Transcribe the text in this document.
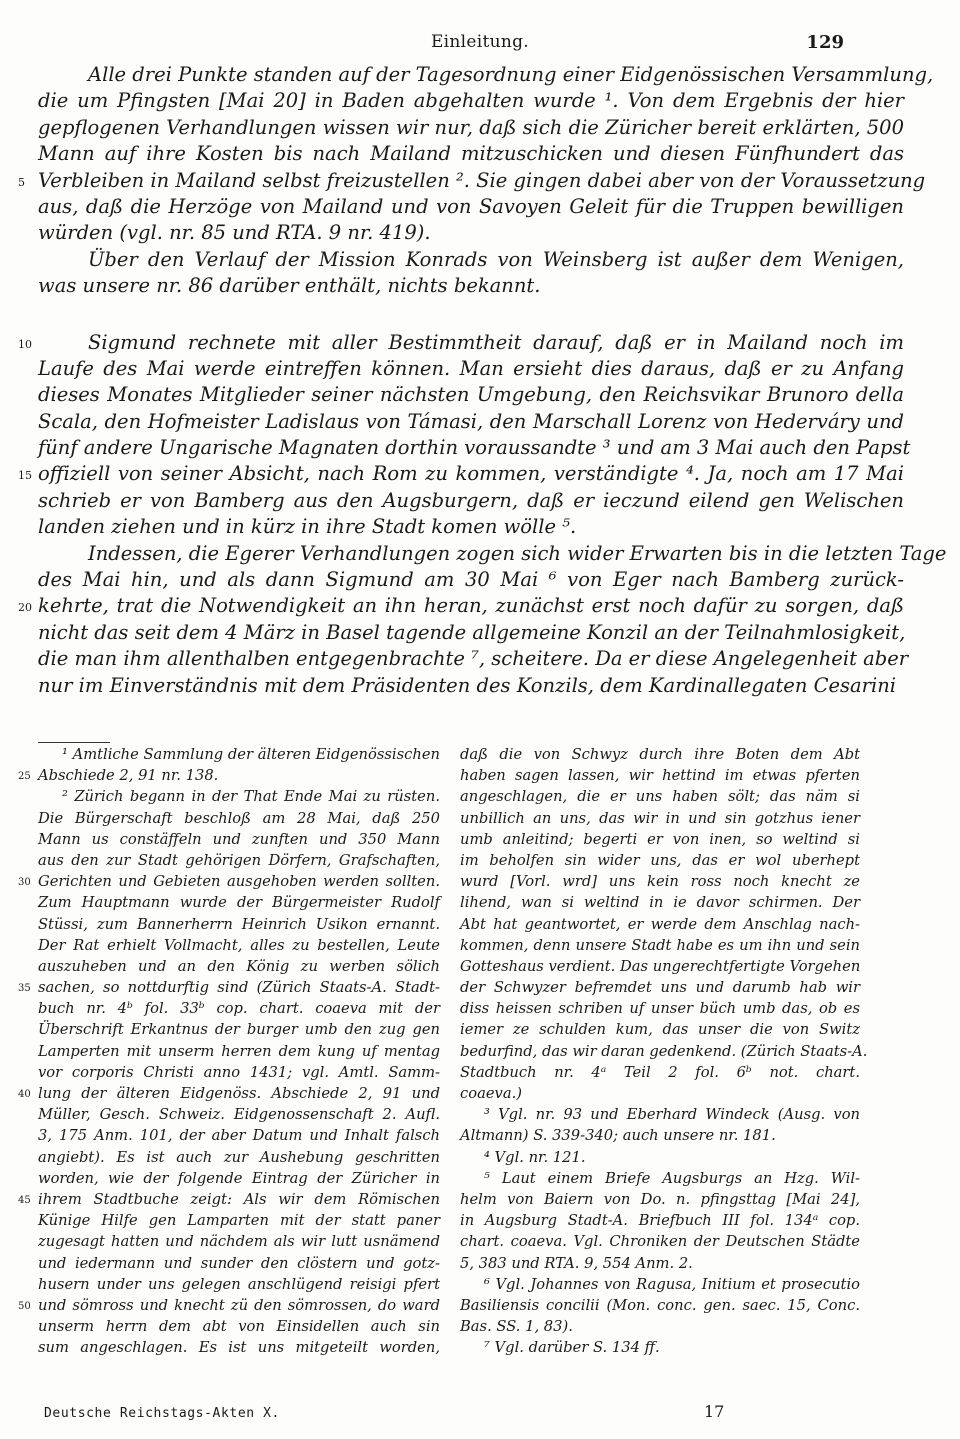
Einleitung.	129
Alle drei Punkte standen auf der Tagesordnung einer Eidgenössischen Versammlung,
die um Pfingsten [Mai 20] in Baden abgehalten wurde ¹. Von dem Ergebnis der hier
gepflogenen Verhandlungen wissen wir nur, daß sich die Züricher bereit erklärten, 500
Mann auf ihre Kosten bis nach Mailand mitzuschicken und diesen Fünfhundert das
5 Verbleiben in Mailand selbst freizustellen ². Sie gingen dabei aber von der Voraussetzung
aus, daß die Herzöge von Mailand und von Savoyen Geleit für die Truppen bewilligen
würden (vgl. nr. 85 und RTA. 9 nr. 419).
Über den Verlauf der Mission Konrads von Weinsberg ist außer dem Wenigen,
was unsere nr. 86 darüber enthält, nichts bekannt.
10	Sigmund rechnete mit aller Bestimmtheit darauf, daß er in Mailand noch im
Laufe des Mai werde eintreffen können. Man ersieht dies daraus, daß er zu Anfang
dieses Monates Mitglieder seiner nächsten Umgebung, den Reichsvikar Brunoro della
Scala, den Hofmeister Ladislaus von Támasi, den Marschall Lorenz von Hederváry und
fünf andere Ungarische Magnaten dorthin voraussandte ³ und am 3 Mai auch den Papst
15 offiziell von seiner Absicht, nach Rom zu kommen, verständigte ⁴. Ja, noch am 17 Mai
schrieb er von Bamberg aus den Augsburgern, daß er ieczund eilend gen Welischen
landen ziehen und in kürz in ihre Stadt komen wölle ⁵.
Indessen, die Egerer Verhandlungen zogen sich wider Erwarten bis in die letzten Tage
des Mai hin, und als dann Sigmund am 30 Mai ⁶ von Eger nach Bamberg zurück-
20 kehrte, trat die Notwendigkeit an ihn heran, zunächst erst noch dafür zu sorgen, daß
nicht das seit dem 4 März in Basel tagende allgemeine Konzil an der Teilnahmlosigkeit,
die man ihm allenthalben entgegenbrachte ⁷, scheitere. Da er diese Angelegenheit aber
nur im Einverständnis mit dem Präsidenten des Konzils, dem Kardinallegaten Cesarini
¹ Amtliche Sammlung der älteren Eidgenössischen
25 Abschiede 2, 91 nr. 138.
² Zürich begann in der That Ende Mai zu rüsten.
Die Bürgerschaft beschloß am 28 Mai, daß 250
Mann us constäffeln und zunften und 350 Mann
aus den zur Stadt gehörigen Dörfern, Grafschaften,
30 Gerichten und Gebieten ausgehoben werden sollten.
Zum Hauptmann wurde der Bürgermeister Rudolf
Stüssi, zum Bannerherrn Heinrich Usikon ernannt.
Der Rat erhielt Vollmacht, alles zu bestellen, Leute
auszuheben und an den König zu werben sölich
35 sachen, so nottdurftig sind (Zürich Staats-A. Stadt-
buch nr. 4ᵇ fol. 33ᵇ cop. chart. coaeva mit der
Überschrift Erkantnus der burger umb den zug gen
Lamperten mit unserm herren dem kung uf mentag
vor corporis Christi anno 1431; vgl. Amtl. Samm-
40 lung der älteren Eidgenöss. Abschiede 2, 91 und
Müller, Gesch. Schweiz. Eidgenossenschaft 2. Aufl.
3, 175 Anm. 101, der aber Datum und Inhalt falsch
angiebt). Es ist auch zur Aushebung geschritten
worden, wie der folgende Eintrag der Züricher in
45 ihrem Stadtbuche zeigt: Als wir dem Römischen
Künige Hilfe gen Lamparten mit der statt paner
zugesagt hatten und nächdem als wir lutt usnämend
und iedermann und sunder den clöstern und gotz-
husern under uns gelegen anschlügend reisigi pfert
50 und sömross und knecht zü den sömrossen, do ward
unserm herrn dem abt von Einsidellen auch sin
sum angeschlagen. Es ist uns mitgeteilt worden,
daß die von Schwyz durch ihre Boten dem Abt
haben sagen lassen, wir hettind im etwas pferten
angeschlagen, die er uns haben sölt; das näm si
unbillich an uns, das wir in und sin gotzhus iener
umb anleitind; begerti er von inen, so weltind si
im beholfen sin wider uns, das er wol uberhept
wurd [Vorl. wrd] uns kein ross noch knecht ze
lihend, wan si weltind in ie davor schirmen. Der
Abt hat geantwortet, er werde dem Anschlag nach-
kommen, denn unsere Stadt habe es um ihn und sein
Gotteshaus verdient. Das ungerechtfertigte Vorgehen
der Schwyzer befremdet uns und darumb hab wir
diss heissen schriben uf unser büch umb das, ob es
iemer ze schulden kum, das unser die von Switz
bedurfind, das wir daran gedenkend. (Zürich Staats-A.
Stadtbuch nr. 4ᵃ Teil 2 fol. 6ᵇ not. chart.
coaeva.)
³ Vgl. nr. 93 und Eberhard Windeck (Ausg. von
Altmann) S. 339-340; auch unsere nr. 181.
⁴ Vgl. nr. 121.
⁵ Laut einem Briefe Augsburgs an Hzg. Wil-
helm von Baiern von Do. n. pfingsttag [Mai 24],
in Augsburg Stadt-A. Briefbuch III fol. 134ᵃ cop.
chart. coaeva. Vgl. Chroniken der Deutschen Städte
5, 383 und RTA. 9, 554 Anm. 2.
⁶ Vgl. Johannes von Ragusa, Initium et prosecutio
Basiliensis concilii (Mon. conc. gen. saec. 15, Conc.
Bas. SS. 1, 83).
⁷ Vgl. darüber S. 134 ff.
Deutsche Reichstags-Akten X.	17
